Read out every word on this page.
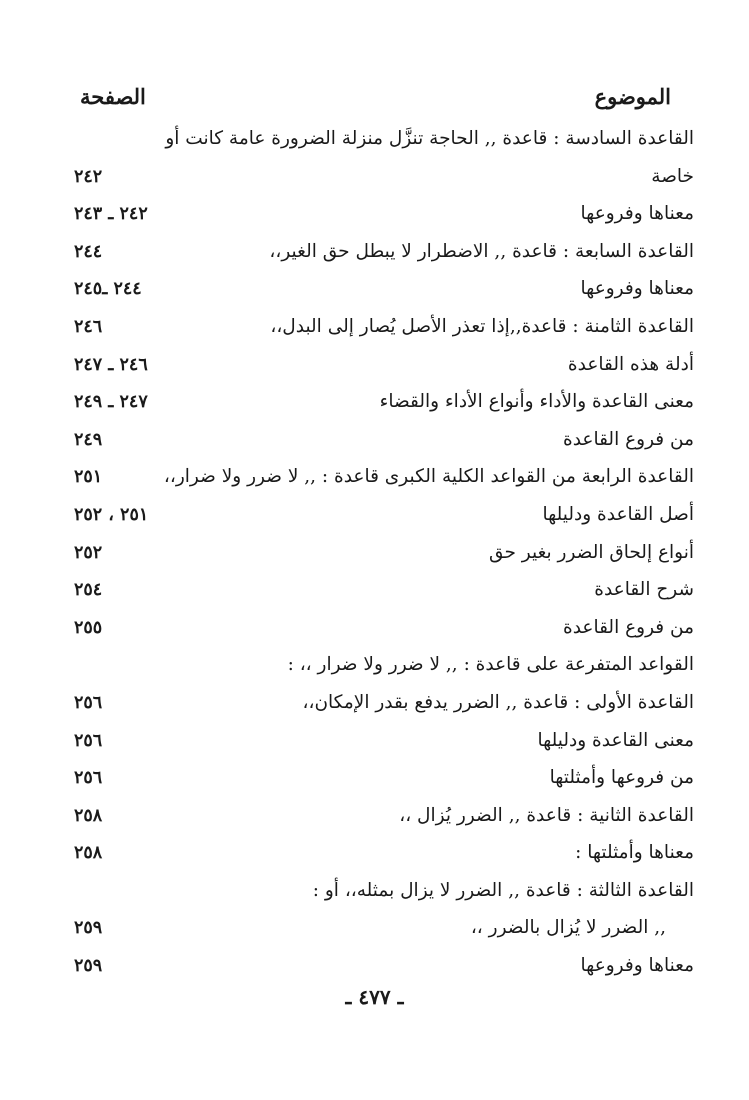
الموضوع
الصفحة
القاعدة السادسة : قاعدة ,, الحاجة تنزَّل منزلة الضرورة عامة كانت أو
خاصة
٢٤٢
معناها وفروعها
٢٤٢ ـ ٢٤٣
القاعدة السابعة : قاعدة ,, الاضطرار لا يبطل حق الغير،،
٢٤٤
معناها وفروعها
٢٤٤ ـ٢٤٥
القاعدة الثامنة : قاعدة,,إذا تعذر الأصل يُصار إلى البدل،،
٢٤٦
أدلة هذه القاعدة
٢٤٦ ـ ٢٤٧
معنى القاعدة والأداء وأنواع الأداء والقضاء
٢٤٧ ـ ٢٤٩
من فروع القاعدة
٢٤٩
القاعدة الرابعة من القواعد الكلية الكبرى قاعدة : ,, لا ضرر ولا ضرار،،
٢٥١
أصل القاعدة ودليلها
٢٥١ ، ٢٥٢
أنواع إلحاق الضرر بغير حق
٢٥٢
شرح القاعدة
٢٥٤
من فروع القاعدة
٢٥٥
القواعد المتفرعة على قاعدة : ,, لا ضرر ولا ضرار ،، :
القاعدة الأولى : قاعدة ,, الضرر يدفع بقدر الإمكان،،
٢٥٦
معنى القاعدة ودليلها
٢٥٦
من فروعها وأمثلتها
٢٥٦
القاعدة الثانية : قاعدة ,, الضرر يُزال ،،
٢٥٨
معناها وأمثلتها :
٢٥٨
القاعدة الثالثة : قاعدة ,, الضرر لا يزال بمثله،، أو :
,, الضرر لا يُزال بالضرر ،،
٢٥٩
معناها وفروعها
٢٥٩
ـ ٤٧٧ ـ
